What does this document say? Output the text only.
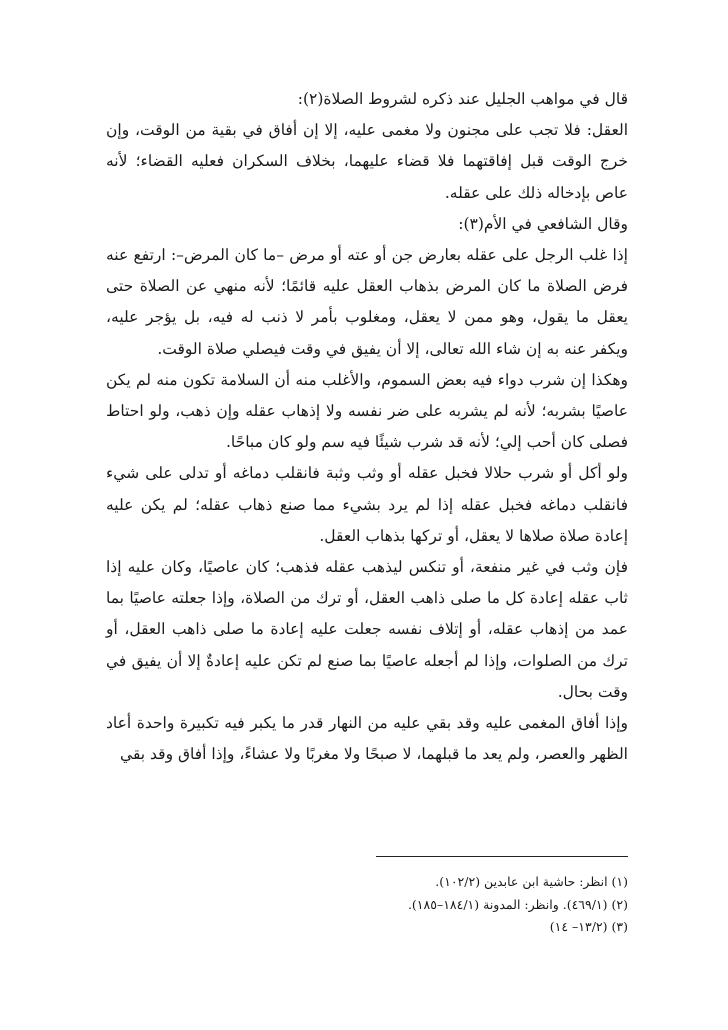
قال في مواهب الجليل عند ذكره لشروط الصلاة(٢):

العقل: فلا تجب على مجنون ولا مغمى عليه، إلا إن أفاق في بقية من الوقت، وإن خرج الوقت قبل إفاقتهما فلا قضاء عليهما، بخلاف السكران فعليه القضاء؛ لأنه عاص بإدخاله ذلك على عقله.

وقال الشافعي في الأم(٣):

إذا غلب الرجل على عقله بعارض جن أو عته أو مرض –ما كان المرض–: ارتفع عنه فرض الصلاة ما كان المرض بذهاب العقل عليه قائمًا؛ لأنه منهي عن الصلاة حتى يعقل ما يقول، وهو ممن لا يعقل، ومغلوب بأمر لا ذنب له فيه، بل يؤجر عليه، ويكفر عنه به إن شاء الله تعالى، إلا أن يفيق في وقت فيصلي صلاة الوقت.

وهكذا إن شرب دواء فيه بعض السموم، والأغلب منه أن السلامة تكون منه لم يكن عاصيًا بشربه؛ لأنه لم يشربه على ضر نفسه ولا إذهاب عقله وإن ذهب، ولو احتاط فصلى كان أحب إلي؛ لأنه قد شرب شيئًا فيه سم ولو كان مباحًا.

ولو أكل أو شرب حلالا فخبل عقله أو وثب وثبة فانقلب دماغه أو تدلى على شيء فانقلب دماغه فخبل عقله إذا لم يرد بشيء مما صنع ذهاب عقله؛ لم يكن عليه إعادة صلاة صلاها لا يعقل، أو تركها بذهاب العقل.

فإن وثب في غير منفعة، أو تنكس ليذهب عقله فذهب؛ كان عاصيًا، وكان عليه إذا ثاب عقله إعادة كل ما صلى ذاهب العقل، أو ترك من الصلاة، وإذا جعلته عاصيًا بما عمد من إذهاب عقله، أو إتلاف نفسه جعلت عليه إعادة ما صلى ذاهب العقل، أو ترك من الصلوات، وإذا لم أجعله عاصيًا بما صنع لم تكن عليه إعادةٌ إلا أن يفيق في وقت بحال.

وإذا أفاق المغمى عليه وقد بقي عليه من النهار قدر ما يكبر فيه تكبيرة واحدة أعاد الظهر والعصر، ولم يعد ما قبلهما، لا صبحًا ولا مغربًا ولا عشاءً، وإذا أفاق وقد بقي

(١) انظر: حاشية ابن عابدين (١٠٢/٢).
(٢) (٤٦٩/١). وانظر: المدونة (١٨٤/١–١٨٥).
(٣) (١٣/٢– ١٤)
